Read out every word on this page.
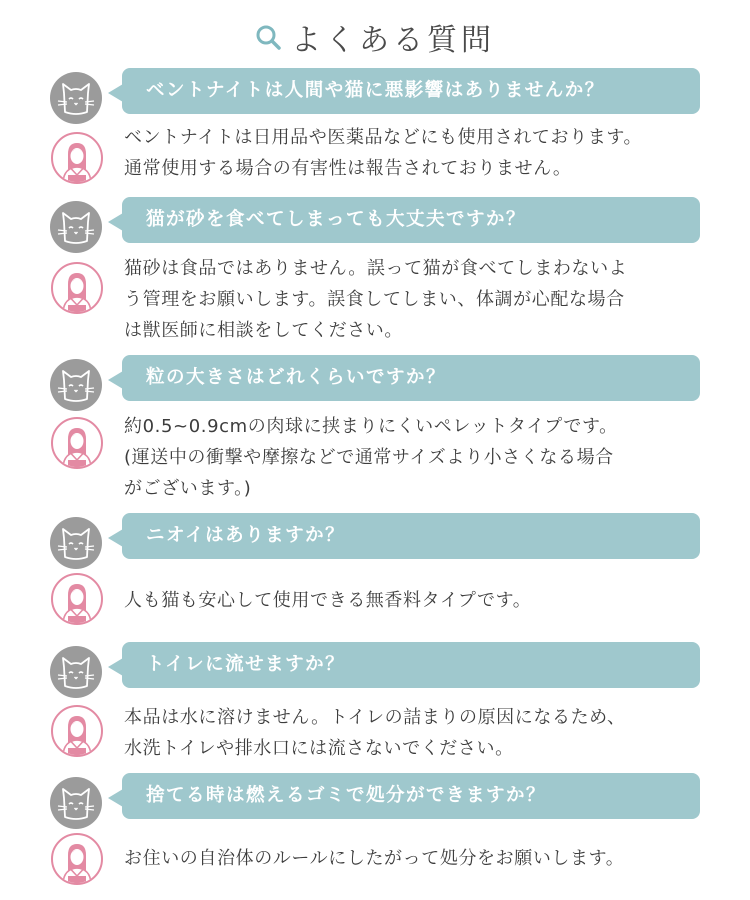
よくある質問
ベントナイトは人間や猫に悪影響はありませんか？
ベントナイトは日用品や医薬品などにも使用されております。
通常使用する場合の有害性は報告されておりません。
猫が砂を食べてしまっても大丈夫ですか？
猫砂は食品ではありません。誤って猫が食べてしまわないよ
う管理をお願いします。誤食してしまい、体調が心配な場合
は獣医師に相談をしてください。
粒の大きさはどれくらいですか？
約0.5~0.9cmの肉球に挟まりにくいペレットタイプです。
(運送中の衝撃や摩擦などで通常サイズより小さくなる場合
がございます。)
ニオイはありますか？
人も猫も安心して使用できる無香料タイプです。
トイレに流せますか？
本品は水に溶けません。トイレの詰まりの原因になるため、
水洗トイレや排水口には流さないでください。
捨てる時は燃えるゴミで処分ができますか？
お住いの自治体のルールにしたがって処分をお願いします。
